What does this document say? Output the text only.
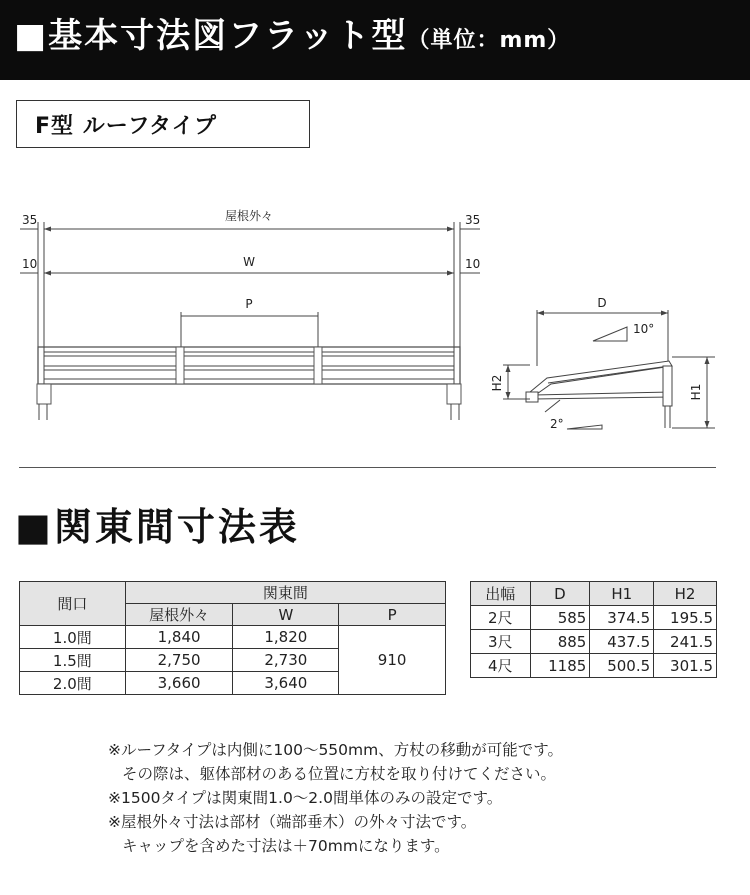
■基本寸法図フラット型（単位：mm）
F型 ルーフタイプ
35	35
屋根外々
10	10
W
P	D
10°
2°
H2
H1
■関東間寸法表
間口	関東間		
	屋根外々	W	P
1.0間	1,840	1,820	910
1.5間	2,750	2,730	
2.0間	3,660	3,640	
出幅	D	H1	H2
2尺	585	374.5	195.5
3尺	885	437.5	241.5
4尺	1185	500.5	301.5
※ルーフタイプは内側に100〜550mm、方杖の移動が可能です。
その際は、躯体部材のある位置に方杖を取り付けてください。
※1500タイプは関東間1.0〜2.0間単体のみの設定です。
※屋根外々寸法は部材（端部垂木）の外々寸法です。
キャップを含めた寸法は＋70mmになります。
